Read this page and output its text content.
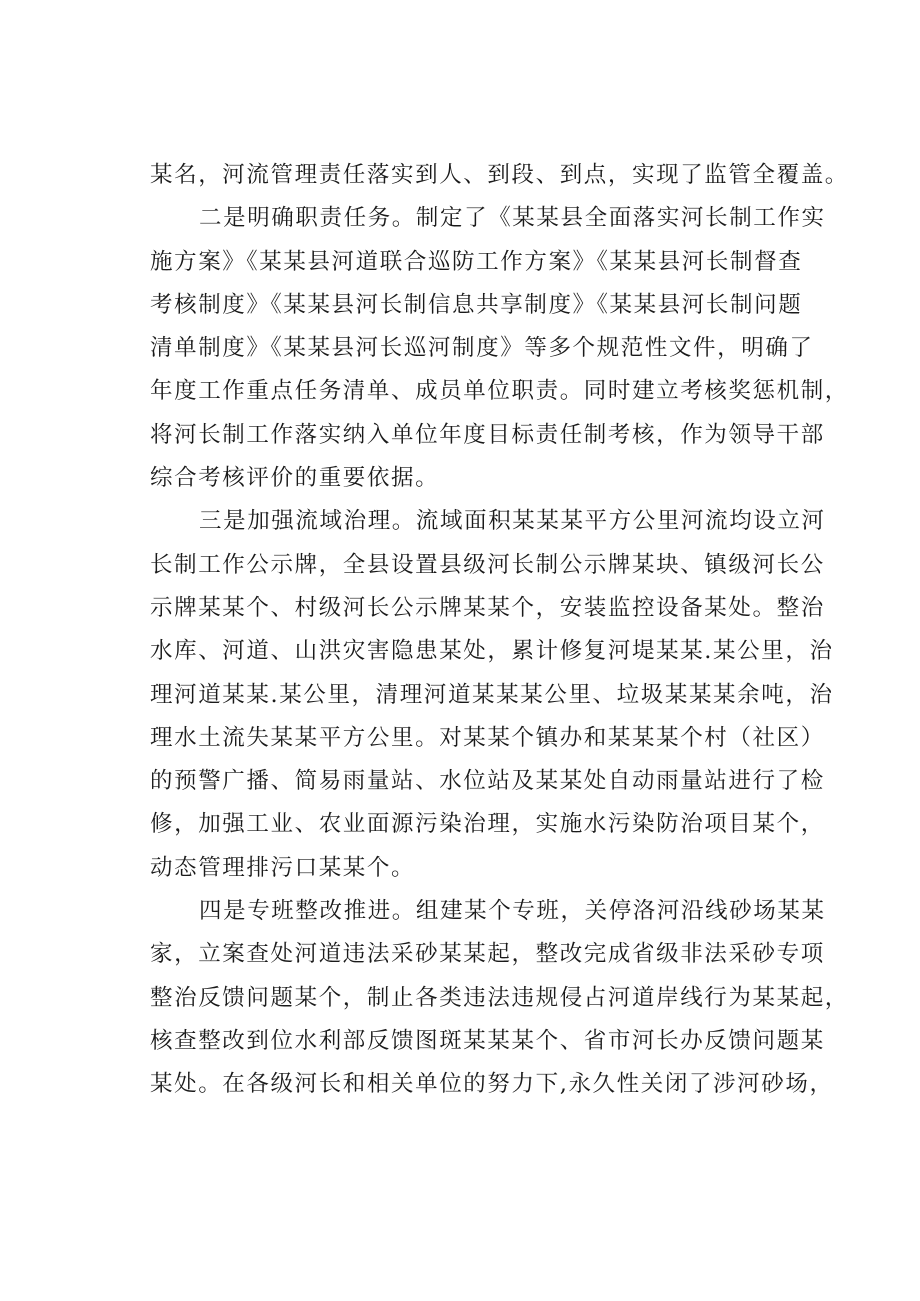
某名，河流管理责任落实到人、到段、到点，实现了监管全覆盖。
二是明确职责任务。制定了《某某县全面落实河长制工作实
施方案》《某某县河道联合巡防工作方案》《某某县河长制督查
考核制度》《某某县河长制信息共享制度》《某某县河长制问题
清单制度》《某某县河长巡河制度》等多个规范性文件，明确了
年度工作重点任务清单、成员单位职责。同时建立考核奖惩机制，
将河长制工作落实纳入单位年度目标责任制考核，作为领导干部
综合考核评价的重要依据。
三是加强流域治理。流域面积某某某平方公里河流均设立河
长制工作公示牌，全县设置县级河长制公示牌某块、镇级河长公
示牌某某个、村级河长公示牌某某个，安装监控设备某处。整治
水库、河道、山洪灾害隐患某处，累计修复河堤某某.某公里，治
理河道某某.某公里，清理河道某某某公里、垃圾某某某余吨，治
理水土流失某某平方公里。对某某个镇办和某某某个村（社区）
的预警广播、简易雨量站、水位站及某某处自动雨量站进行了检
修，加强工业、农业面源污染治理，实施水污染防治项目某个，
动态管理排污口某某个。
四是专班整改推进。组建某个专班，关停洛河沿线砂场某某
家，立案查处河道违法采砂某某起，整改完成省级非法采砂专项
整治反馈问题某个，制止各类违法违规侵占河道岸线行为某某起，
核查整改到位水利部反馈图斑某某某个、省市河长办反馈问题某
某处。在各级河长和相关单位的努力下,永久性关闭了涉河砂场，
